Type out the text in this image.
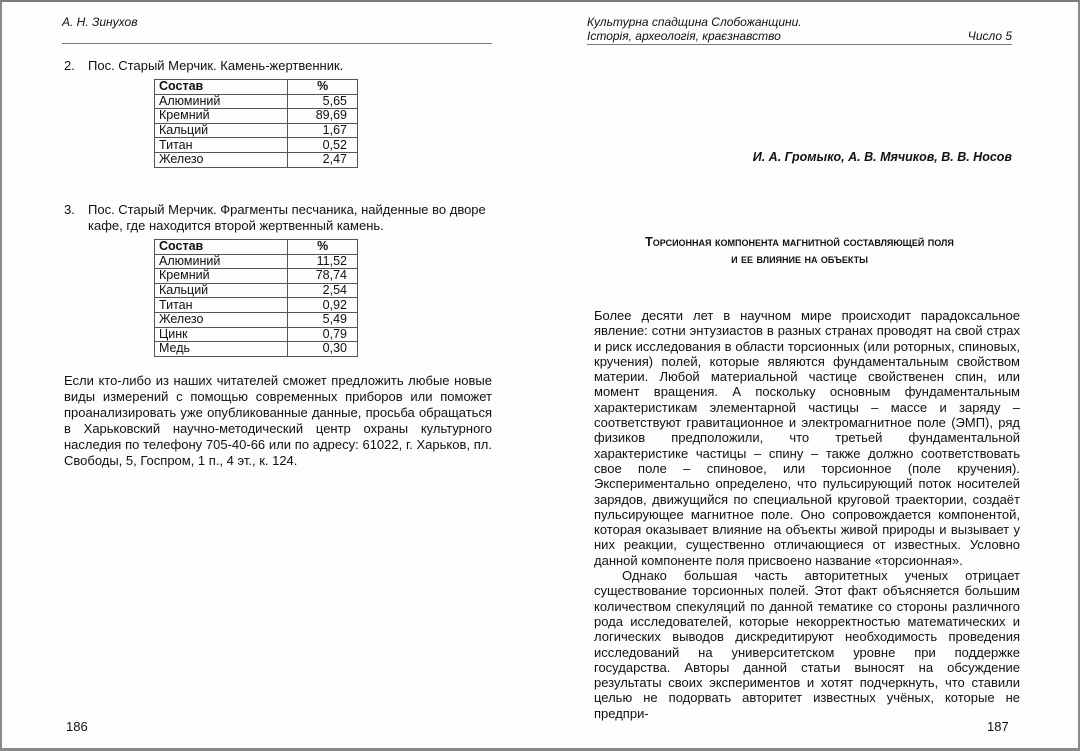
А. Н. Зинухов
2.	Пос. Старый Мерчик. Камень-жертвенник.
Состав	%
Алюминий	5,65
Кремний	89,69
Кальций	1,67
Титан	0,52
Железо	2,47
3.	Пос. Старый Мерчик. Фрагменты песчаника, найденные во дворе кафе, где находится второй жертвенный камень.
Состав	%
Алюминий	11,52
Кремний	78,74
Кальций	2,54
Титан	0,92
Железо	5,49
Цинк	0,79
Медь	0,30
Если кто-либо из наших читателей сможет предложить любые новые виды измерений с помощью современных приборов или поможет проанализировать уже опубликованные данные, просьба обращаться в Харьковский научно-методический центр охраны культурного наследия по телефону 705-40-66 или по адресу: 61022, г. Харьков, пл. Свободы, 5, Госпром, 1 п., 4 эт., к. 124.
186
Культурна спадщина Слобожанщини.
Історія, археологія, краєзнавство	Число 5
И. А. Громыко, А. В. Мячиков, В. В. Носов
Торсионная компонента магнитной составляющей поля
и ее влияние на объекты

Более десяти лет в научном мире происходит парадоксальное явление: сотни энтузиастов в разных странах проводят на свой страх и риск исследования в области торсионных (или роторных, спиновых, кручения) полей, которые являются фундаментальным свойством материи. Любой материальной частице свойственен спин, или момент вращения. А поскольку основным фундаментальным характеристикам элементарной частицы – массе и заряду – соответствуют гравитационное и электромагнитное поле (ЭМП), ряд физиков предположили, что третьей фундаментальной характеристике частицы – спину – также должно соответствовать свое поле – спиновое, или торсионное (поле кручения). Экспериментально определено, что пульсирующий поток носителей зарядов, движущийся по специальной круговой траектории, создаёт пульсирующее магнитное поле. Оно сопровождается компонентой, которая оказывает влияние на объекты живой природы и вызывает у них реакции, существенно отличающиеся от известных. Условно данной компоненте поля присвоено название «торсионная».

Однако большая часть авторитетных ученых отрицает существование торсионных полей. Этот факт объясняется большим количеством спекуляций по данной тематике со стороны различного рода исследователей, которые некорректностью математических и логических выводов дискредитируют необходимость проведения исследований на университетском уровне при поддержке государства. Авторы данной статьи выносят на обсуждение результаты своих экспериментов и хотят подчеркнуть, что ставили целью не подорвать авторитет известных учёных, которые не предпри-

187
